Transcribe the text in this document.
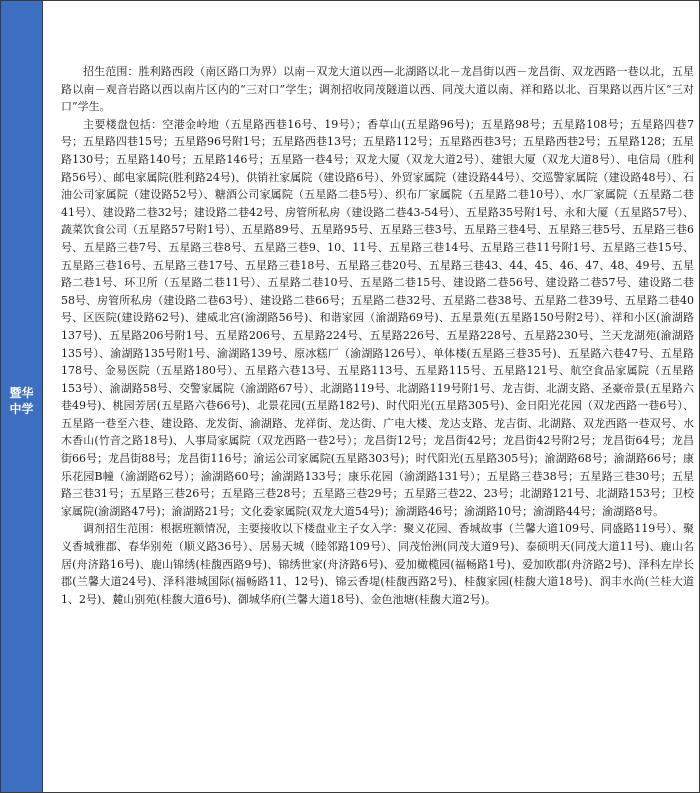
暨华中学

招生范围：胜利路西段（南区路口为界）以南－双龙大道以西—北湖路以北－龙昌街以西－龙昌街、双龙西路一巷以北，五星路以南－观音岩路以西以南片区内的“三对口”学生；调剂招收同茂隧道以西、同茂大道以南、祥和路以北、百果路以西片区“三对口”学生。

主要楼盘包括：空港金岭地（五星路西巷16号、19号）；香草山(五星路96号)；五星路98号；五星路108号；五星路四巷7号；五星路四巷15号；五星路96号附1号；五星路西巷13号；五星路112号；五星路西巷3号；五星路西巷2号；五星路128；五星路130号；五星路140号；五星路146号；五星路一巷4号；双龙大厦（双龙大道2号）、建银大厦（双龙大道8号）、电信局（胜利路56号）、邮电家属院(胜利路24号)、供销社家属院（建设路6号）、外贸家属院（建设路44号）、交巡警家属院（建设路48号）、石油公司家属院（建设路52号）、糖酒公司家属院（五星路二巷5号）、织布厂家属院（五星路二巷10号）、水厂家属院（五星路二巷41号）、建设路二巷32号；建设路二巷42号、房管所私房（建设路二巷43-54号）、五星路35号附1号、永和大厦（五星路57号）、蔬菜饮食公司（五星路57号附1号）、五星路89号、五星路95号、五星路三巷3号、五星路三巷4号、五星路三巷5号、五星路三巷6号、五星路三巷7号、五星路三巷8号、五星路三巷9、10、11号、五星路三巷14号、五星路三巷11号附1号、五星路三巷15号、五星路三巷16号、五星路三巷17号、五星路三巷18号、五星路三巷20号、五星路三巷43、44、45、46、47、48、49号、五星路二巷1号、环卫所（五星路二巷11号）、五星路二巷10号、五星路二巷15号、建设路二巷56号、建设路二巷57号、建设路二巷58号、房管所私房（建设路二巷63号）、建设路二巷66号；五星路二巷32号、五星路二巷38号、五星路二巷39号、五星路二巷40号、区医院(建设路62号)、建威北宫(渝湖路56号)、和谐家园（渝湖路69号)、五星景苑(五星路150号附2号）、祥和小区(渝湖路137号)、五星路206号附1号、五星路206号、五星路224号、五星路226号、五星路228号、五星路230号、兰天龙湖苑(渝湖路135号）、渝湖路135号附1号、渝湖路139号、原冰糕厂（渝湖路126号）、单体楼(五星路三巷35号)、五星路六巷47号、五星路178号、金易医院（五星路180号）、五星路六巷13号、五星路113号、五星路115号、五星路121号、航空食品家属院（五星路153号）、渝湖路58号、交警家属院（渝湖路67号）、北湖路119号、北湖路119号附1号、龙吉街、北湖支路、圣豪帝景(五星路六巷49号)、桃园芳居(五星路六巷66号)、北景花园(五星路182号)、时代阳光(五星路305号)、金日阳光花园（双龙西路一巷6号）、五星路一巷至六巷、建设路、龙发街、渝湖路、龙祥街、龙达街、广电大楼、龙达支路、龙吉街、北湖路、双龙西路一巷双号、水木香山(竹音之路18号)、人事局家属院（双龙西路一巷2号）；龙昌街12号；龙昌街42号；龙昌街42号附2号；龙昌街64号；龙昌街66号；龙昌街88号；龙昌街116号；渝运公司家属院(五星路303号)；时代阳光(五星路305号)；渝湖路68号；渝湖路66号；康乐花园B幢（渝湖路62号）；渝湖路60号；渝湖路133号；康乐花园（渝湖路131号）；五星路三巷38号；五星路三巷30号；五星路三巷31号；五星路三巷26号；五星路三巷28号；五星路三巷29号；五星路三巷22、23号；北湖路121号、北湖路153号；卫校家属院(渝湖路47号)；渝湖路21号；文化委家属院(双龙大道54号)；渝湖路46号；渝湖路10号；渝湖路44号；渝湖路8号。

调剂招生范围：根据班额情况，主要接收以下楼盘业主子女入学：聚义花园、香城故事（兰馨大道109号、同盛路119号）、聚义香城雅郡、春华别苑（顺义路36号）、居易天城（睦邻路109号）、同茂怡洲(同茂大道9号)、泰硕明天(同茂大道11号)、鹿山名居(舟济路16号)、鹿山锦绣(桂馥西路9号)、锦绣世家(舟济路6号)、爱加橄榄园(福畅路1号)、爱加欧郡(舟济路2号)、泽科左岸长郡(兰馨大道24号)、泽科港城国际(福畅路11、12号)、锦云香堤(桂馥西路2号)、桂馥家园(桂馥大道18号)、润丰水尚(兰桂大道1、2号)、麓山别苑(桂馥大道6号)、御城华府(兰馨大道18号)、金色池塘(桂馥大道2号)。
